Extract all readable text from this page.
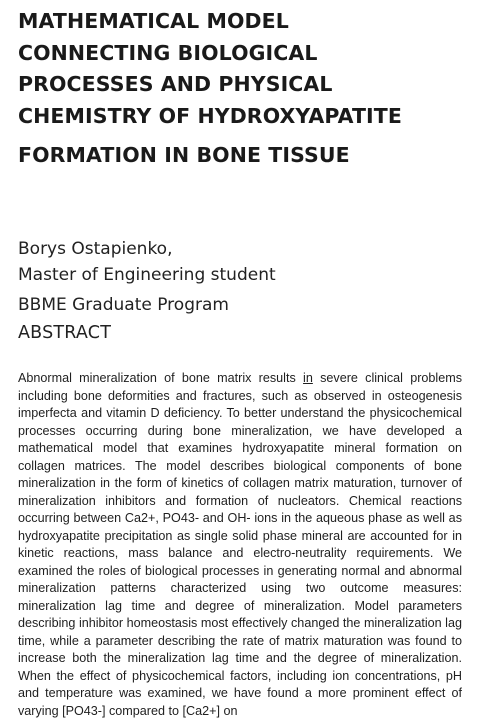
MATHEMATICAL MODEL
CONNECTING BIOLOGICAL
PROCESSES AND PHYSICAL
CHEMISTRY OF HYDROXYAPATITE
FORMATION IN BONE TISSUE
Borys Ostapienko,
Master of Engineering student
BBME Graduate Program
ABSTRACT

Abnormal mineralization of bone matrix results in severe clinical problems including bone deformities and fractures, such as observed in osteogenesis imperfecta and vitamin D deficiency. To better understand the physicochemical processes occurring during bone mineralization, we have developed a mathematical model that examines hydroxyapatite mineral formation on collagen matrices. The model describes biological components of bone mineralization in the form of kinetics of collagen matrix maturation, turnover of mineralization inhibitors and formation of nucleators. Chemical reactions occurring between Ca2+, PO43- and OH- ions in the aqueous phase as well as hydroxyapatite precipitation as single solid phase mineral are accounted for in kinetic reactions, mass balance and electro-neutrality requirements. We examined the roles of biological processes in generating normal and abnormal mineralization patterns characterized using two outcome measures: mineralization lag time and degree of mineralization. Model parameters describing inhibitor homeostasis most effectively changed the mineralization lag time, while a parameter describing the rate of matrix maturation was found to increase both the mineralization lag time and the degree of mineralization. When the effect of physicochemical factors, including ion concentrations, pH and temperature was examined, we have found a more prominent effect of varying [PO43-] compared to [Ca2+] on
